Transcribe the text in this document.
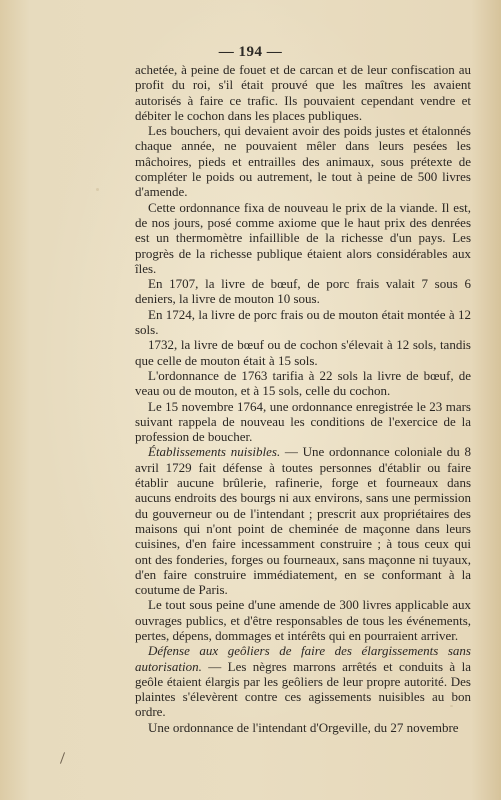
— 194 —

achetée, à peine de fouet et de carcan et de leur confiscation au profit du roi, s'il était prouvé que les maîtres les avaient autorisés à faire ce trafic. Ils pouvaient cependant vendre et débiter le cochon dans les places publiques.

Les bouchers, qui devaient avoir des poids justes et étalonnés chaque année, ne pouvaient mêler dans leurs pesées les mâchoires, pieds et entrailles des animaux, sous prétexte de compléter le poids ou autrement, le tout à peine de 500 livres d'amende.

Cette ordonnance fixa de nouveau le prix de la viande. Il est, de nos jours, posé comme axiome que le haut prix des denrées est un thermomètre infaillible de la richesse d'un pays. Les progrès de la richesse publique étaient alors considérables aux îles.

En 1707, la livre de bœuf, de porc frais valait 7 sous 6 deniers, la livre de mouton 10 sous.

En 1724, la livre de porc frais ou de mouton était montée à 12 sols.

1732, la livre de bœuf ou de cochon s'élevait à 12 sols, tandis que celle de mouton était à 15 sols.

L'ordonnance de 1763 tarifia à 22 sols la livre de bœuf, de veau ou de mouton, et à 15 sols, celle du cochon.

Le 15 novembre 1764, une ordonnance enregistrée le 23 mars suivant rappela de nouveau les conditions de l'exercice de la profession de boucher.

Établissements nuisibles. — Une ordonnance coloniale du 8 avril 1729 fait défense à toutes personnes d'établir ou faire établir aucune brûlerie, rafinerie, forge et fourneaux dans aucuns endroits des bourgs ni aux environs, sans une permission du gouverneur ou de l'intendant ; prescrit aux propriétaires des maisons qui n'ont point de cheminée de maçonne dans leurs cuisines, d'en faire incessamment construire ; à tous ceux qui ont des fonderies, forges ou fourneaux, sans maçonne ni tuyaux, d'en faire construire immédiatement, en se conformant à la coutume de Paris.

Le tout sous peine d'une amende de 300 livres applicable aux ouvrages publics, et d'être responsables de tous les événements, pertes, dépens, dommages et intérêts qui en pourraient arriver.

Défense aux geôliers de faire des élargissements sans autorisation. — Les nègres marrons arrêtés et conduits à la geôle étaient élargis par les geôliers de leur propre autorité. Des plaintes s'élevèrent contre ces agissements nuisibles au bon ordre.

Une ordonnance de l'intendant d'Orgeville, du 27 novembre
